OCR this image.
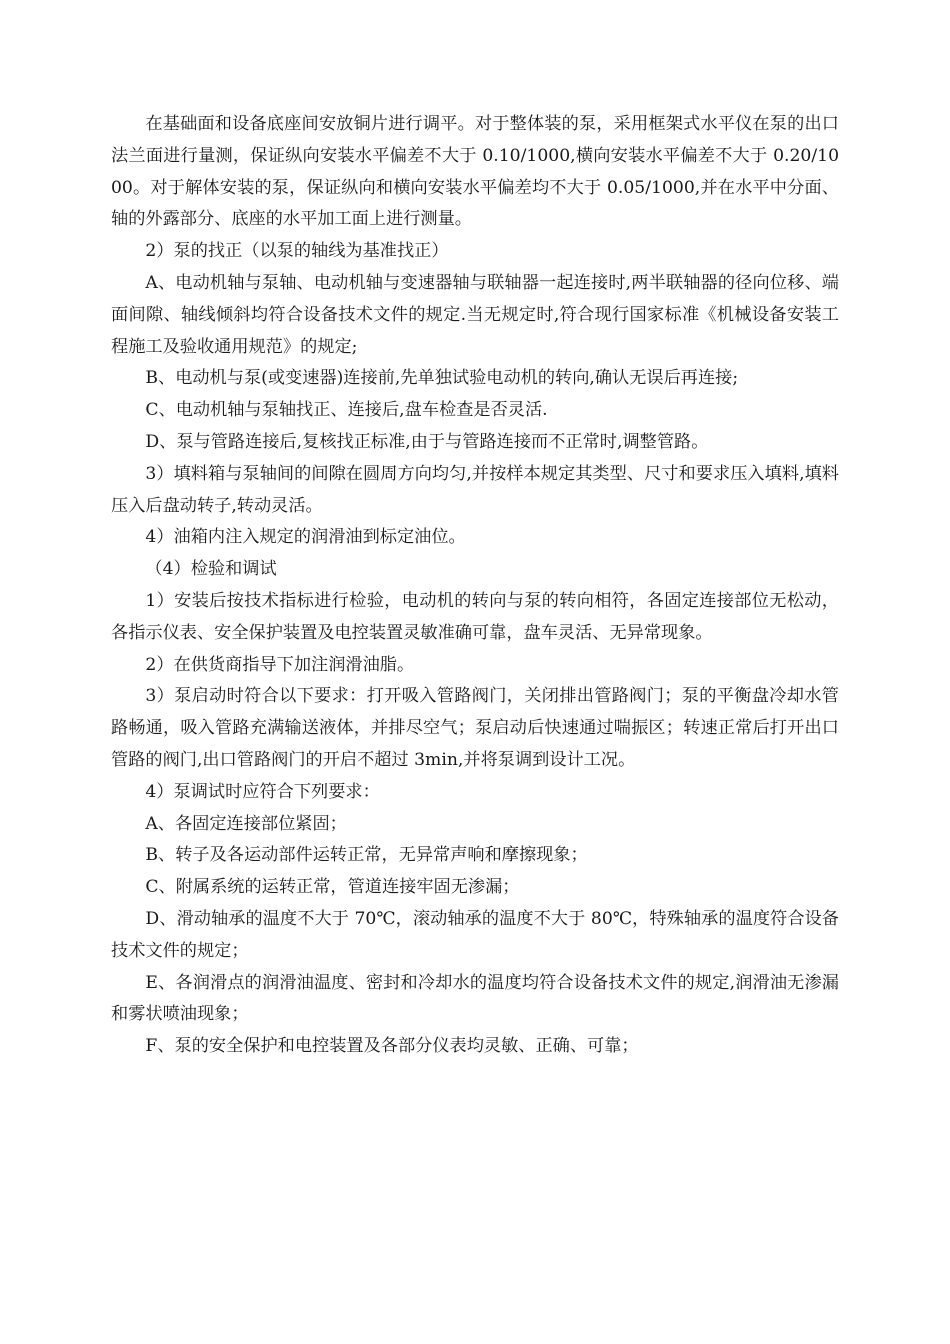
在基础面和设备底座间安放铜片进行调平。对于整体装的泵，采用框架式水平仪在泵的出口法兰面进行量测，保证纵向安装水平偏差不大于 0.10/1000,横向安装水平偏差不大于 0.20/1000。对于解体安装的泵，保证纵向和横向安装水平偏差均不大于 0.05/1000,并在水平中分面、轴的外露部分、底座的水平加工面上进行测量。

2）泵的找正（以泵的轴线为基准找正）

A、电动机轴与泵轴、电动机轴与变速器轴与联轴器一起连接时,两半联轴器的径向位移、端面间隙、轴线倾斜均符合设备技术文件的规定.当无规定时,符合现行国家标准《机械设备安装工程施工及验收通用规范》的规定;

B、电动机与泵(或变速器)连接前,先单独试验电动机的转向,确认无误后再连接;

C、电动机轴与泵轴找正、连接后,盘车检查是否灵活.

D、泵与管路连接后,复核找正标准,由于与管路连接而不正常时,调整管路。

3）填料箱与泵轴间的间隙在圆周方向均匀,并按样本规定其类型、尺寸和要求压入填料,填料压入后盘动转子,转动灵活。

4）油箱内注入规定的润滑油到标定油位。

（4）检验和调试

1）安装后按技术指标进行检验，电动机的转向与泵的转向相符，各固定连接部位无松动，各指示仪表、安全保护装置及电控装置灵敏准确可靠，盘车灵活、无异常现象。

2）在供货商指导下加注润滑油脂。

3）泵启动时符合以下要求：打开吸入管路阀门，关闭排出管路阀门；泵的平衡盘冷却水管路畅通，吸入管路充满输送液体，并排尽空气；泵启动后快速通过喘振区；转速正常后打开出口管路的阀门,出口管路阀门的开启不超过 3min,并将泵调到设计工况。

4）泵调试时应符合下列要求：

A、各固定连接部位紧固；

B、转子及各运动部件运转正常，无异常声响和摩擦现象；

C、附属系统的运转正常，管道连接牢固无渗漏；

D、滑动轴承的温度不大于 70℃，滚动轴承的温度不大于 80℃，特殊轴承的温度符合设备技术文件的规定；

E、各润滑点的润滑油温度、密封和冷却水的温度均符合设备技术文件的规定,润滑油无渗漏和雾状喷油现象；

F、泵的安全保护和电控装置及各部分仪表均灵敏、正确、可靠；
